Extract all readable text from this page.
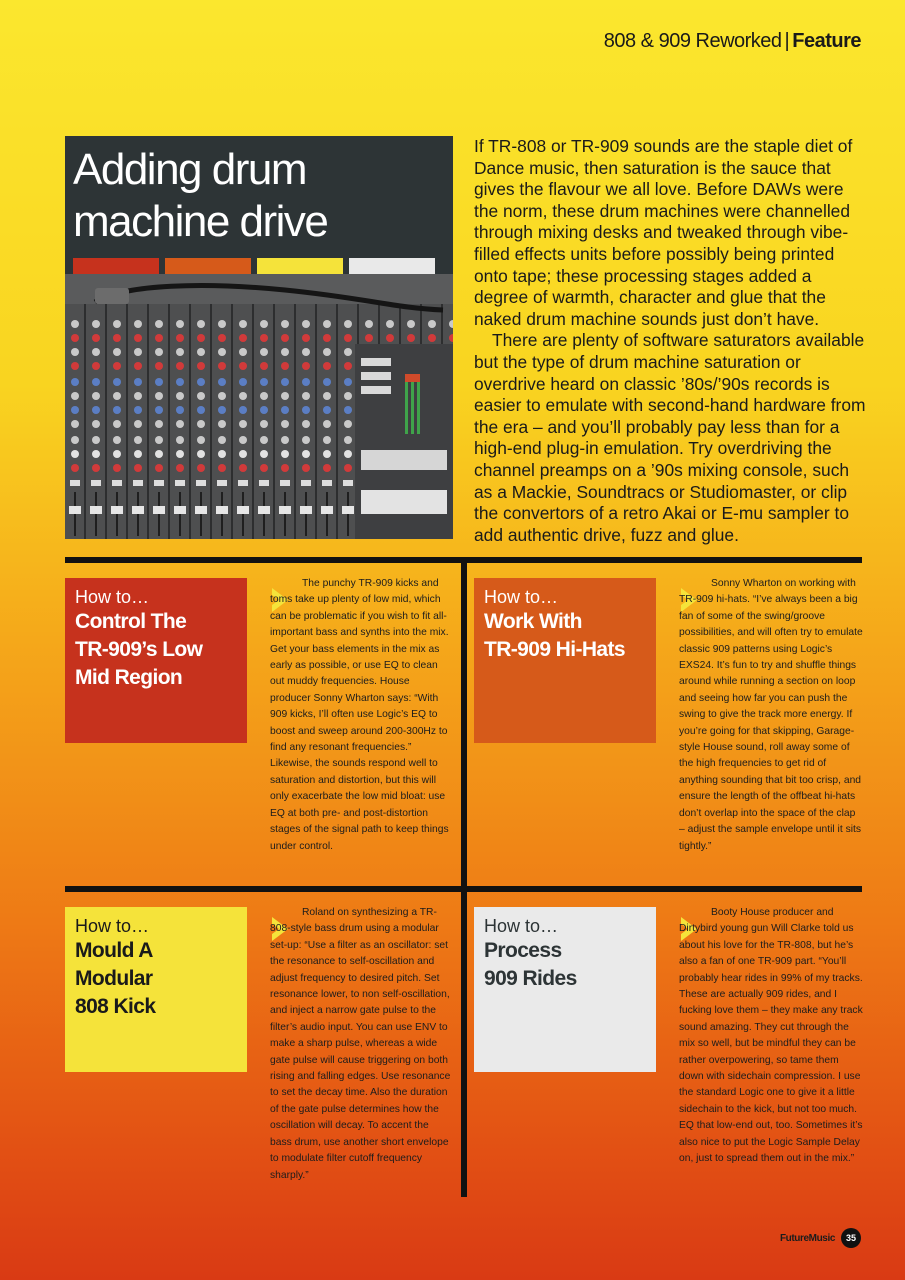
808 & 909 Reworked | Feature
Adding drum
machine drive

If TR-808 or TR-909 sounds are the staple diet of Dance music, then saturation is the sauce that gives the flavour we all love. Before DAWs were the norm, these drum machines were channelled through mixing desks and tweaked through vibe-filled effects units before possibly being printed onto tape; these processing stages added a degree of warmth, character and glue that the naked drum machine sounds just don’t have.

There are plenty of software saturators available but the type of drum machine saturation or overdrive heard on classic ’80s/’90s records is easier to emulate with second-hand hardware from the era – and you’ll probably pay less than for a high-end plug-in emulation. Try overdriving the channel preamps on a ’90s mixing console, such as a Mackie, Soundtracs or Studiomaster, or clip the convertors of a retro Akai or E-mu sampler to add authentic drive, fuzz and glue.

How to…
Control The
TR-909’s Low
Mid Region

The punchy TR-909 kicks and toms take up plenty of low mid, which can be problematic if you wish to fit all-important bass and synths into the mix. Get your bass elements in the mix as early as possible, or use EQ to clean out muddy frequencies. House producer Sonny Wharton says: “With 909 kicks, I’ll often use Logic’s EQ to boost and sweep around 200-300Hz to find any resonant frequencies.” Likewise, the sounds respond well to saturation and distortion, but this will only exacerbate the low mid bloat: use EQ at both pre- and post-distortion stages of the signal path to keep things under control.

How to…
Work With
TR-909 Hi-Hats

Sonny Wharton on working with TR-909 hi-hats. “I’ve always been a big fan of some of the swing/groove possibilities, and will often try to emulate classic 909 patterns using Logic’s EXS24. It’s fun to try and shuffle things around while running a section on loop and seeing how far you can push the swing to give the track more energy. If you’re going for that skipping, Garage-style House sound, roll away some of the high frequencies to get rid of anything sounding that bit too crisp, and ensure the length of the offbeat hi-hats don’t overlap into the space of the clap – adjust the sample envelope until it sits tightly.”

How to…
Mould A
Modular
808 Kick

Roland on synthesizing a TR-808-style bass drum using a modular set-up: “Use a filter as an oscillator: set the resonance to self-oscillation and adjust frequency to desired pitch. Set resonance lower, to non self-oscillation, and inject a narrow gate pulse to the filter’s audio input. You can use ENV to make a sharp pulse, whereas a wide gate pulse will cause triggering on both rising and falling edges. Use resonance to set the decay time. Also the duration of the gate pulse determines how the oscillation will decay. To accent the bass drum, use another short envelope to modulate filter cutoff frequency sharply.”

How to…
Process
909 Rides

Booty House producer and Dirtybird young gun Will Clarke told us about his love for the TR-808, but he’s also a fan of one TR-909 part. “You’ll probably hear rides in 99% of my tracks. These are actually 909 rides, and I fucking love them – they make any track sound amazing. They cut through the mix so well, but be mindful they can be rather overpowering, so tame them down with sidechain compression. I use the standard Logic one to give it a little sidechain to the kick, but not too much. EQ that low-end out, too. Sometimes it’s also nice to put the Logic Sample Delay on, just to spread them out in the mix.”

FutureMusic	35
